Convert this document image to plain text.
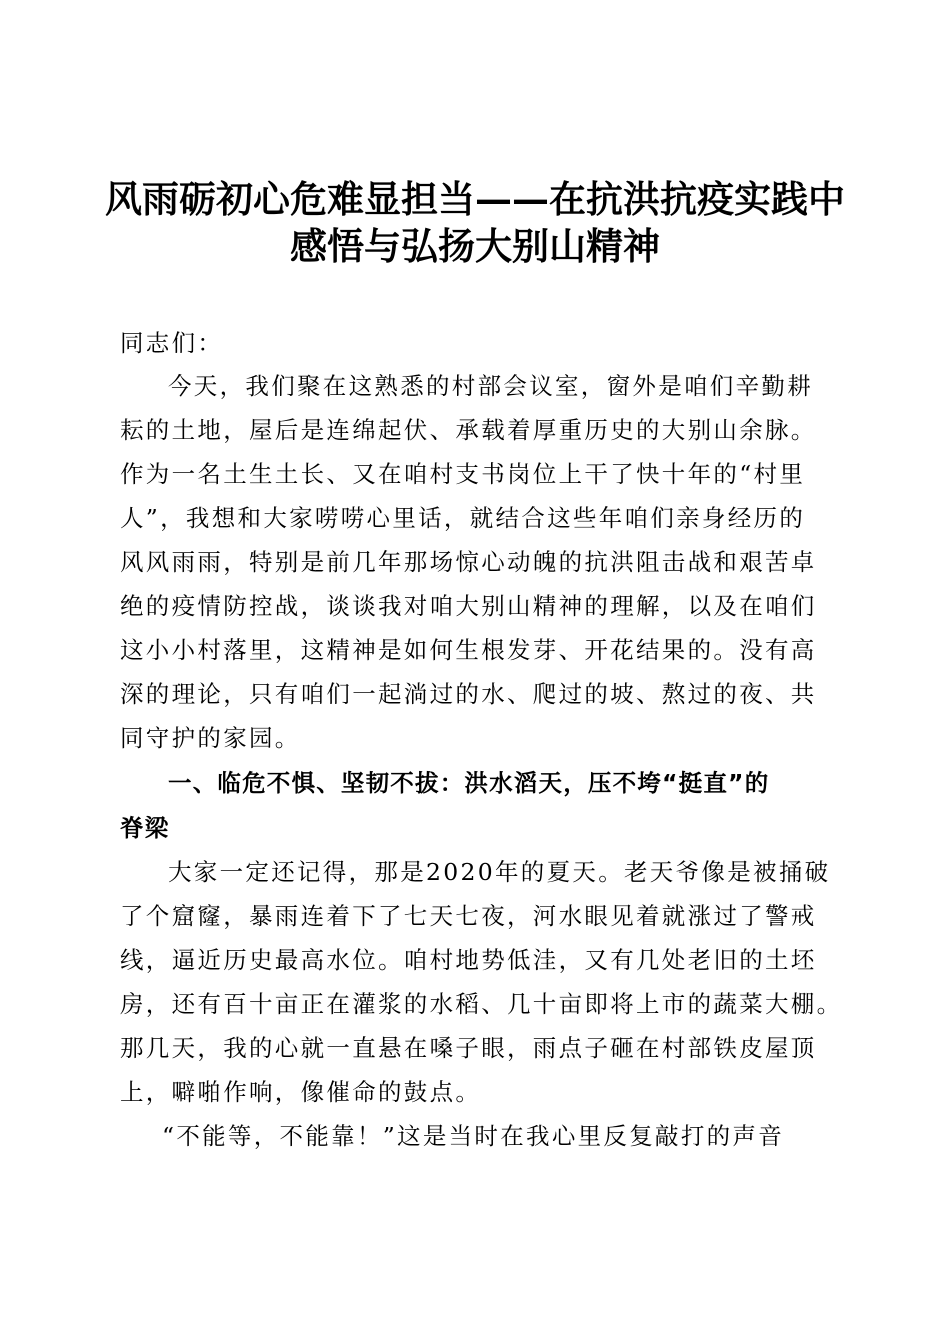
风雨砺初心危难显担当——在抗洪抗疫实践中
感悟与弘扬大别山精神
同志们：
今天，我们聚在这熟悉的村部会议室，窗外是咱们辛勤耕
耘的土地，屋后是连绵起伏、承载着厚重历史的大别山余脉。
作为一名土生土长、又在咱村支书岗位上干了快十年的“村里
人”，我想和大家唠唠心里话，就结合这些年咱们亲身经历的
风风雨雨，特别是前几年那场惊心动魄的抗洪阻击战和艰苦卓
绝的疫情防控战，谈谈我对咱大别山精神的理解，以及在咱们
这小小村落里，这精神是如何生根发芽、开花结果的。没有高
深的理论，只有咱们一起淌过的水、爬过的坡、熬过的夜、共
同守护的家园。
一、临危不惧、坚韧不拔：洪水滔天，压不垮“挺直”的
脊梁
大家一定还记得，那是2020年的夏天。老天爷像是被捅破
了个窟窿，暴雨连着下了七天七夜，河水眼见着就涨过了警戒
线，逼近历史最高水位。咱村地势低洼，又有几处老旧的土坯
房，还有百十亩正在灌浆的水稻、几十亩即将上市的蔬菜大棚。
那几天，我的心就一直悬在嗓子眼，雨点子砸在村部铁皮屋顶
上，噼啪作响，像催命的鼓点。
“不能等，不能靠！”这是当时在我心里反复敲打的声音
